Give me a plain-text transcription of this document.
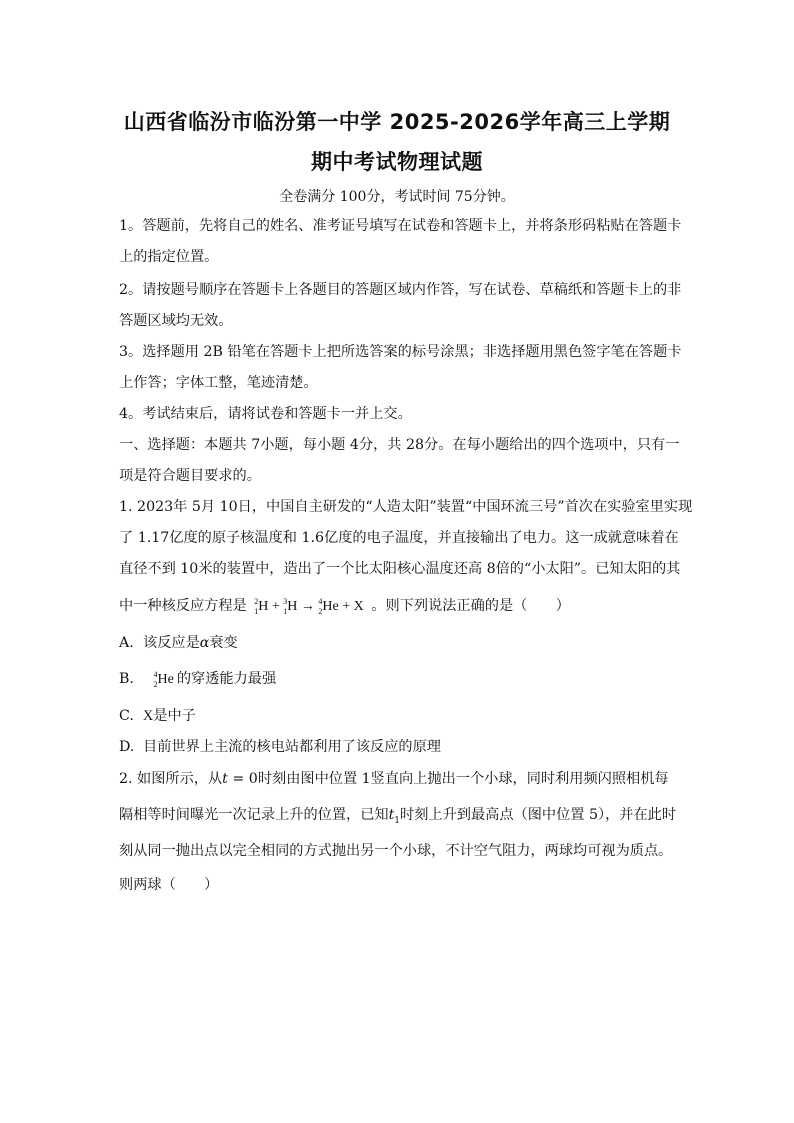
山西省临汾市临汾第一中学 2025-2026学年高三上学期
期中考试物理试题
全卷满分 100分，考试时间 75分钟。
1。答题前，先将自己的姓名、准考证号填写在试卷和答题卡上，并将条形码粘贴在答题卡
上的指定位置。
2。请按题号顺序在答题卡上各题目的答题区域内作答，写在试卷、草稿纸和答题卡上的非
答题区域均无效。
3。选择题用 2B 铅笔在答题卡上把所选答案的标号涂黑；非选择题用黑色签字笔在答题卡
上作答；字体工整，笔迹清楚。
4。考试结束后，请将试卷和答题卡一并上交。
一、选择题：本题共 7小题，每小题 4分，共 28分。在每小题给出的四个选项中，只有一
项是符合题目要求的。
1. 2023年 5月 10日，中国自主研发的“人造太阳”装置“中国环流三号”首次在实验室里实现
了 1.17亿度的原子核温度和 1.6亿度的电子温度，并直接输出了电力。这一成就意味着在
直径不到 10米的装置中，造出了一个比太阳核心温度还高 8倍的“小太阳”。已知太阳的其
中一种核反应方程是 $^2_1$H + $^3_1$H → $^4_2$He + X 。则下列说法正确的是（　　）
A. 该反应是α衰变
B. $^4_2$He 的穿透能力最强
C. X是中子
D. 目前世界上主流的核电站都利用了该反应的原理
2. 如图所示，从t = 0时刻由图中位置 1竖直向上抛出一个小球，同时利用频闪照相机每
隔相等时间曝光一次记录上升的位置，已知$t_1$时刻上升到最高点（图中位置 5），并在此时
刻从同一抛出点以完全相同的方式抛出另一个小球，不计空气阻力，两球均可视为质点。
则两球（　　）
